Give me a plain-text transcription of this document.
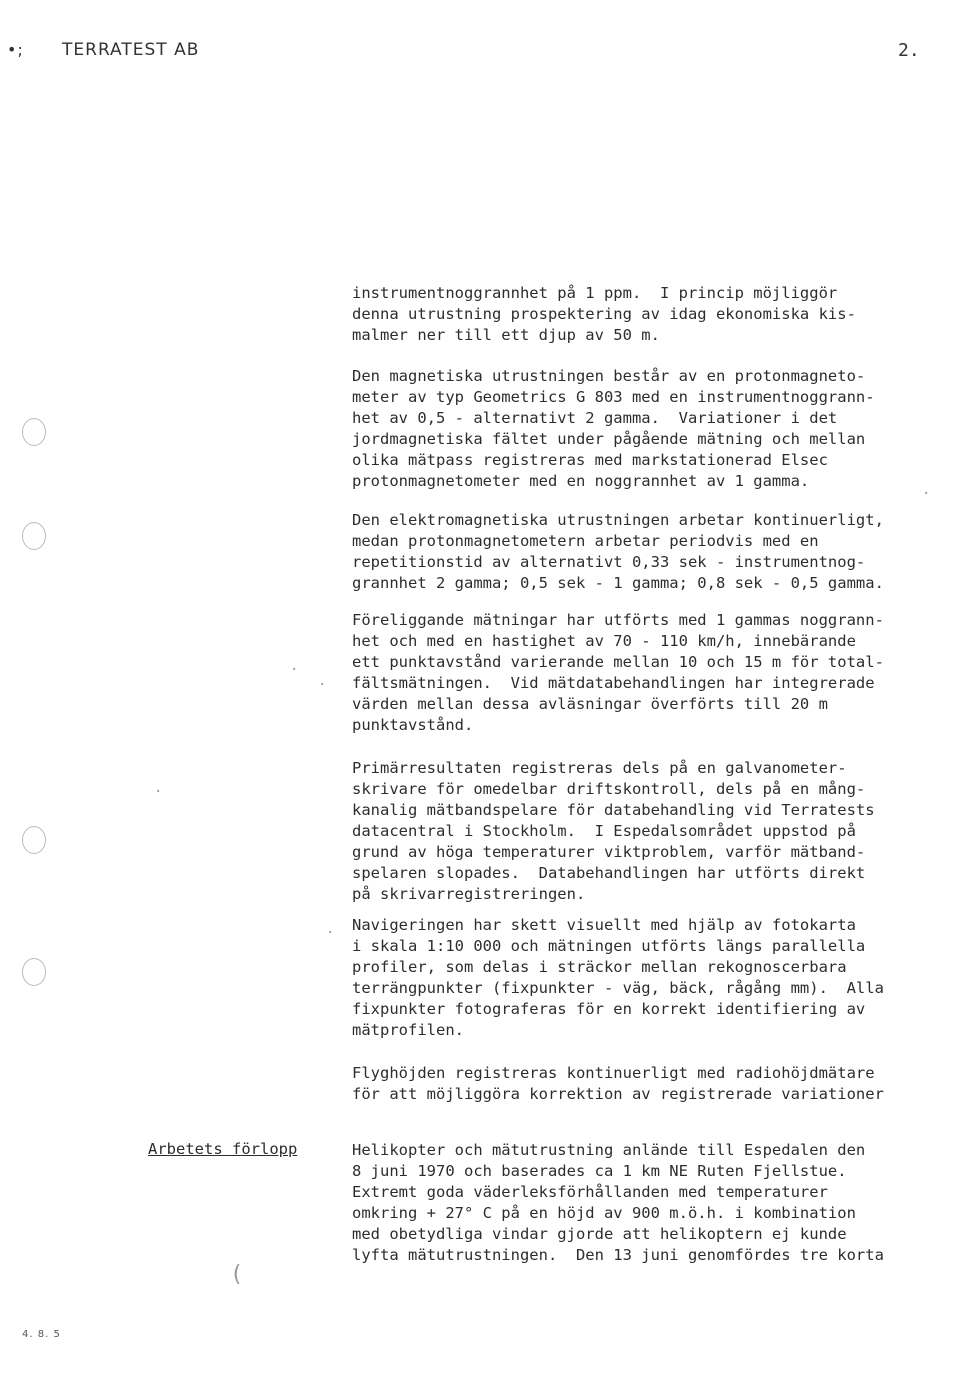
•; TERRATEST AB	2.
instrumentnoggrannhet på 1 ppm.  I princip möjliggör
denna utrustning prospektering av idag ekonomiska kis-
malmer ner till ett djup av 50 m.
Den magnetiska utrustningen består av en protonmagneto-
meter av typ Geometrics G 803 med en instrumentnoggrann-
het av 0,5 - alternativt 2 gamma.  Variationer i det
jordmagnetiska fältet under pågående mätning och mellan
olika mätpass registreras med markstationerad Elsec
protonmagnetometer med en noggrannhet av 1 gamma.
Den elektromagnetiska utrustningen arbetar kontinuerligt,
medan protonmagnetometern arbetar periodvis med en
repetitionstid av alternativt 0,33 sek - instrumentnog-
grannhet 2 gamma; 0,5 sek - 1 gamma; 0,8 sek - 0,5 gamma.
Föreliggande mätningar har utförts med 1 gammas noggrann-
het och med en hastighet av 70 - 110 km/h, innebärande
ett punktavstånd varierande mellan 10 och 15 m för total-
fältsmätningen.  Vid mätdatabehandlingen har integrerade
värden mellan dessa avläsningar överförts till 20 m
punktavstånd.
Primärresultaten registreras dels på en galvanometer-
skrivare för omedelbar driftskontroll, dels på en mång-
kanalig mätbandspelare för databehandling vid Terratests
datacentral i Stockholm.  I Espedalsområdet uppstod på
grund av höga temperaturer viktproblem, varför mätband-
spelaren slopades.  Databehandlingen har utförts direkt
på skrivarregistreringen.
Navigeringen har skett visuellt med hjälp av fotokarta
i skala 1:10 000 och mätningen utförts längs parallella
profiler, som delas i sträckor mellan rekognoscerbara
terrängpunkter (fixpunkter - väg, bäck, rågång mm).  Alla
fixpunkter fotograferas för en korrekt identifiering av
mätprofilen.
Flyghöjden registreras kontinuerligt med radiohöjdmätare
för att möjliggöra korrektion av registrerade variationer
Arbetets förlopp	Helikopter och mätutrustning anlände till Espedalen den
8 juni 1970 och baserades ca 1 km NE Ruten Fjellstue.
Extremt goda väderleksförhållanden med temperaturer
omkring + 27° C på en höjd av 900 m.ö.h. i kombination
med obetydliga vindar gjorde att helikoptern ej kunde
lyfta mätutrustningen.  Den 13 juni genomfördes tre korta
·
·
·
·
·
(
4. 8. 5
